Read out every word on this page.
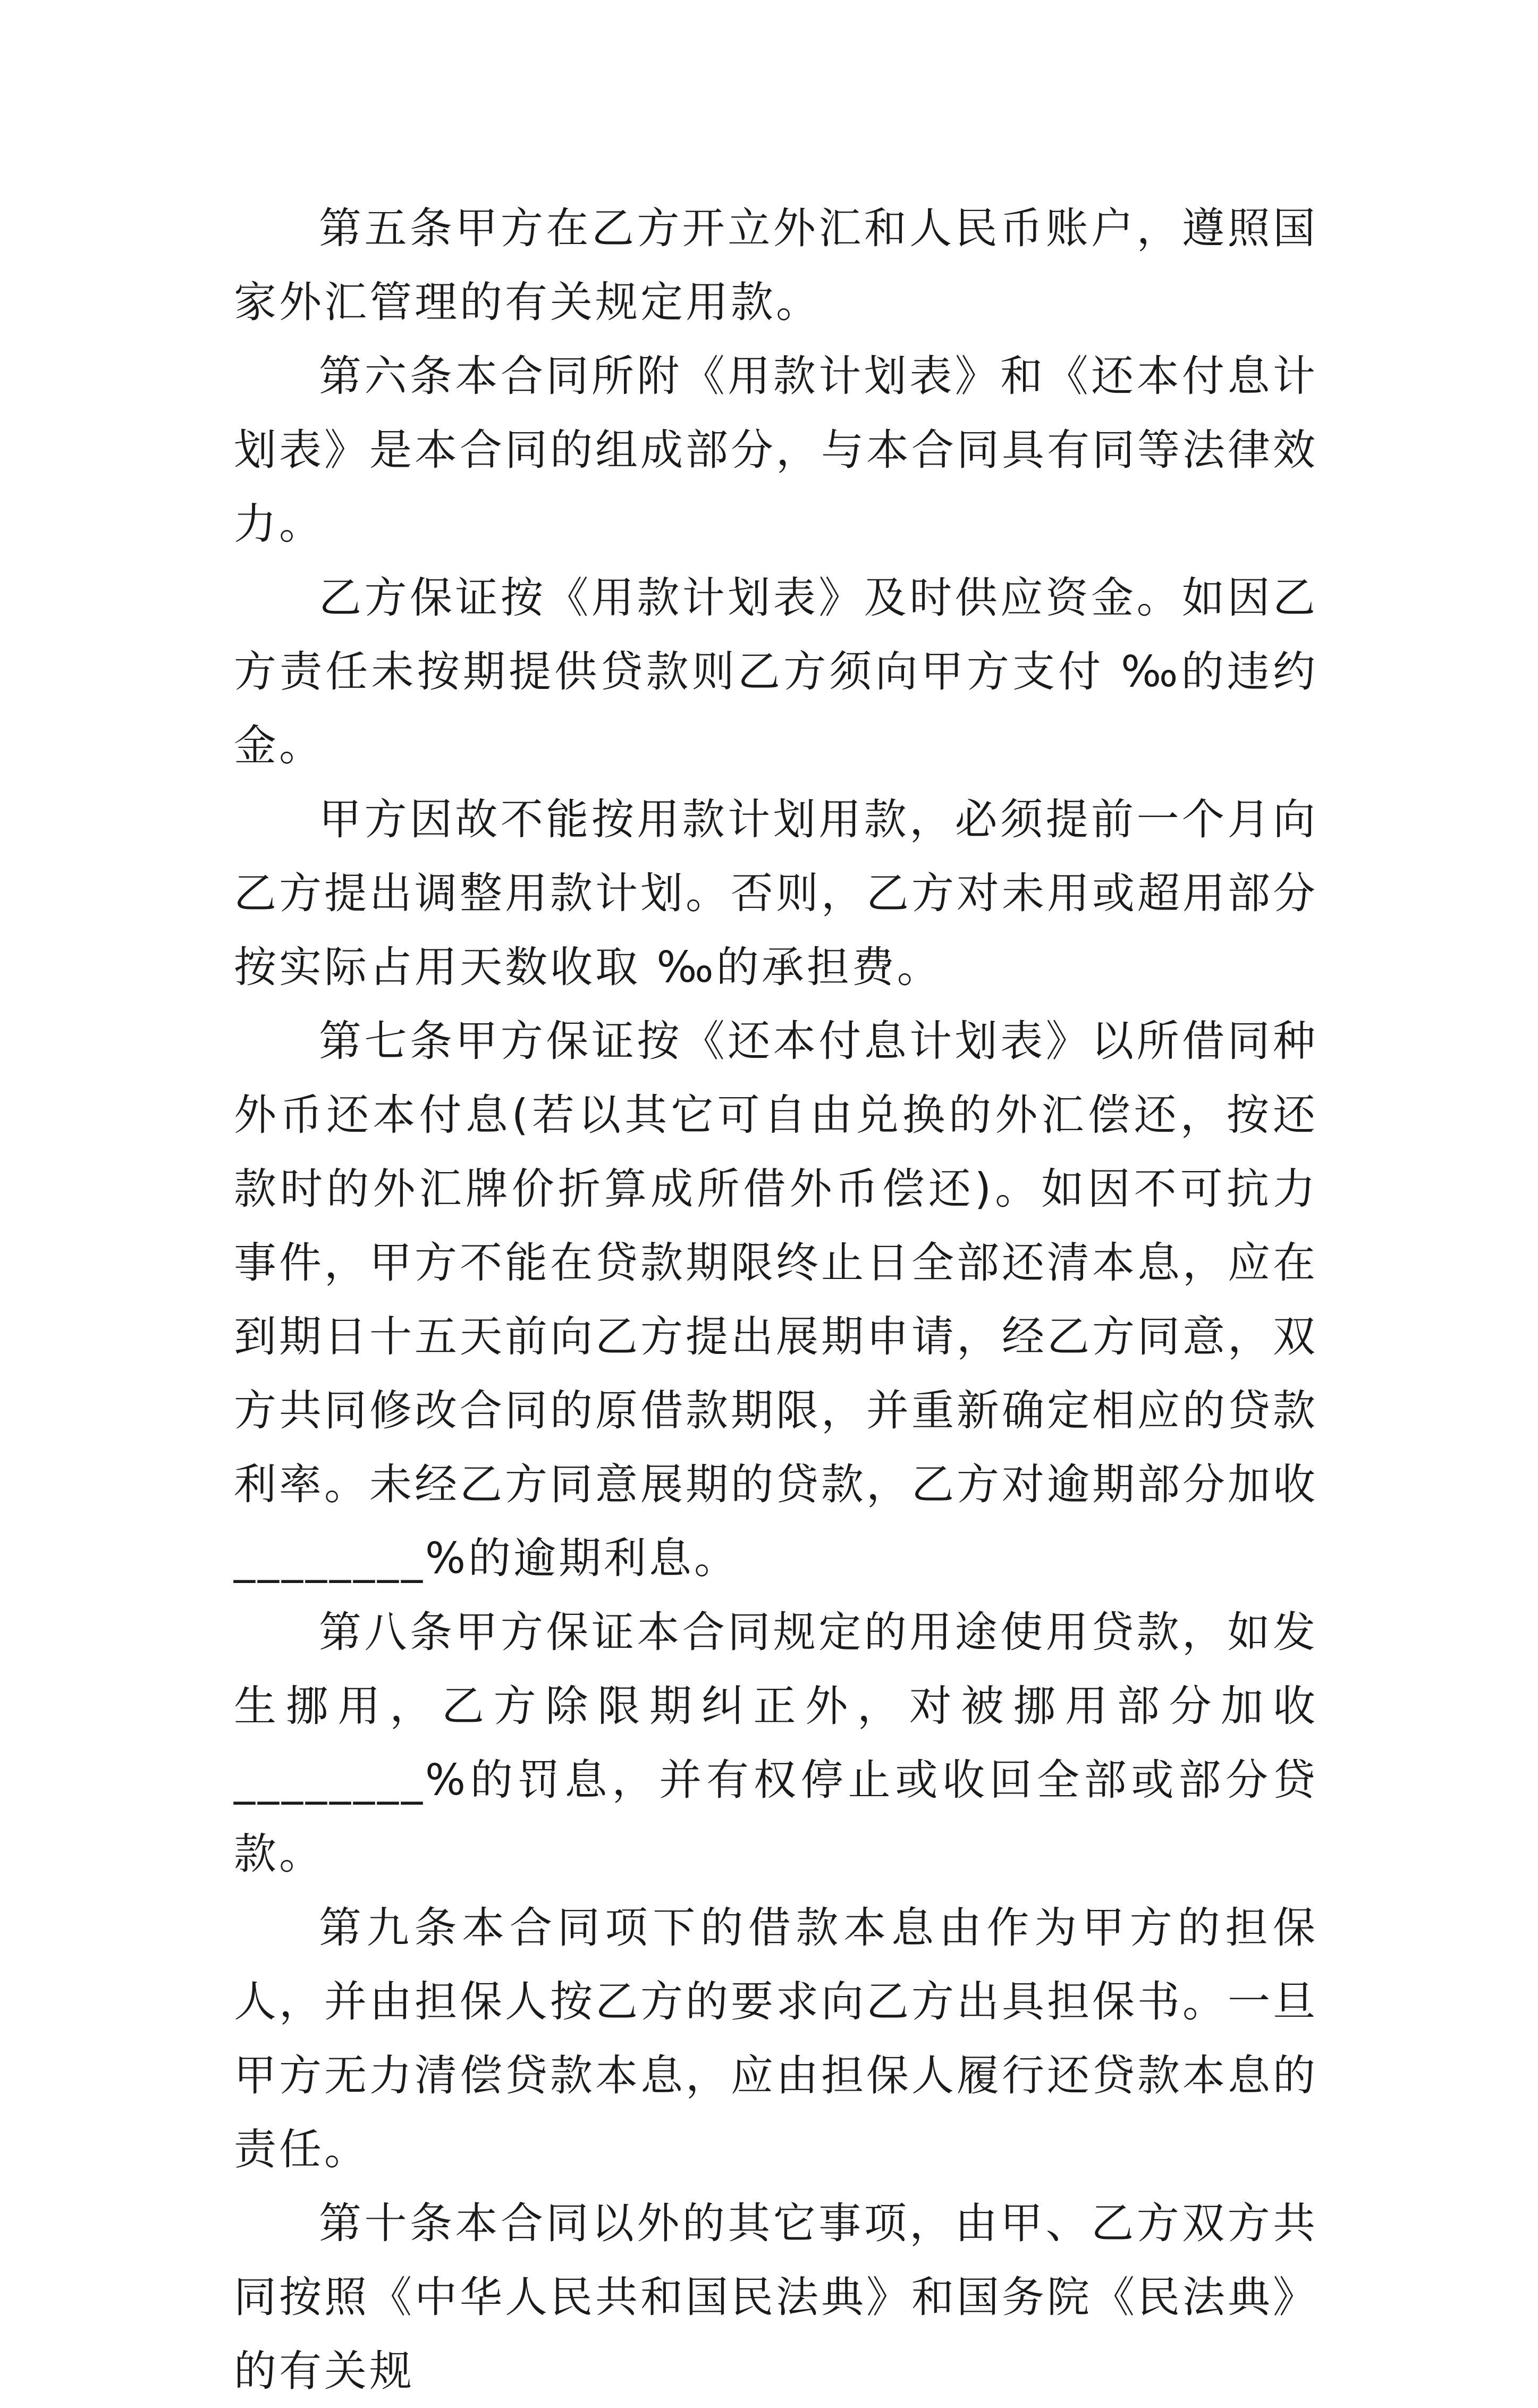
第五条甲方在乙方开立外汇和人民币账户，遵照国家外汇管理的有关规定用款。

第六条本合同所附《用款计划表》和《还本付息计划表》是本合同的组成部分，与本合同具有同等法律效力。

乙方保证按《用款计划表》及时供应资金。如因乙方责任未按期提供贷款则乙方须向甲方支付 ‰的违约金。

甲方因故不能按用款计划用款，必须提前一个月向乙方提出调整用款计划。否则，乙方对未用或超用部分按实际占用天数收取 ‰的承担费。

第七条甲方保证按《还本付息计划表》以所借同种外币还本付息(若以其它可自由兑换的外汇偿还，按还款时的外汇牌价折算成所借外币偿还)。如因不可抗力事件，甲方不能在贷款期限终止日全部还清本息，应在到期日十五天前向乙方提出展期申请，经乙方同意，双方共同修改合同的原借款期限，并重新确定相应的贷款利率。未经乙方同意展期的贷款，乙方对逾期部分加收 ________%的逾期利息。

第八条甲方保证本合同规定的用途使用贷款，如发生挪用，乙方除限期纠正外，对被挪用部分加收 ________%的罚息，并有权停止或收回全部或部分贷款。

第九条本合同项下的借款本息由作为甲方的担保人，并由担保人按乙方的要求向乙方出具担保书。一旦甲方无力清偿贷款本息，应由担保人履行还贷款本息的责任。

第十条本合同以外的其它事项，由甲、乙方双方共同按照《中华人民共和国民法典》和国务院《民法典》的有关规
